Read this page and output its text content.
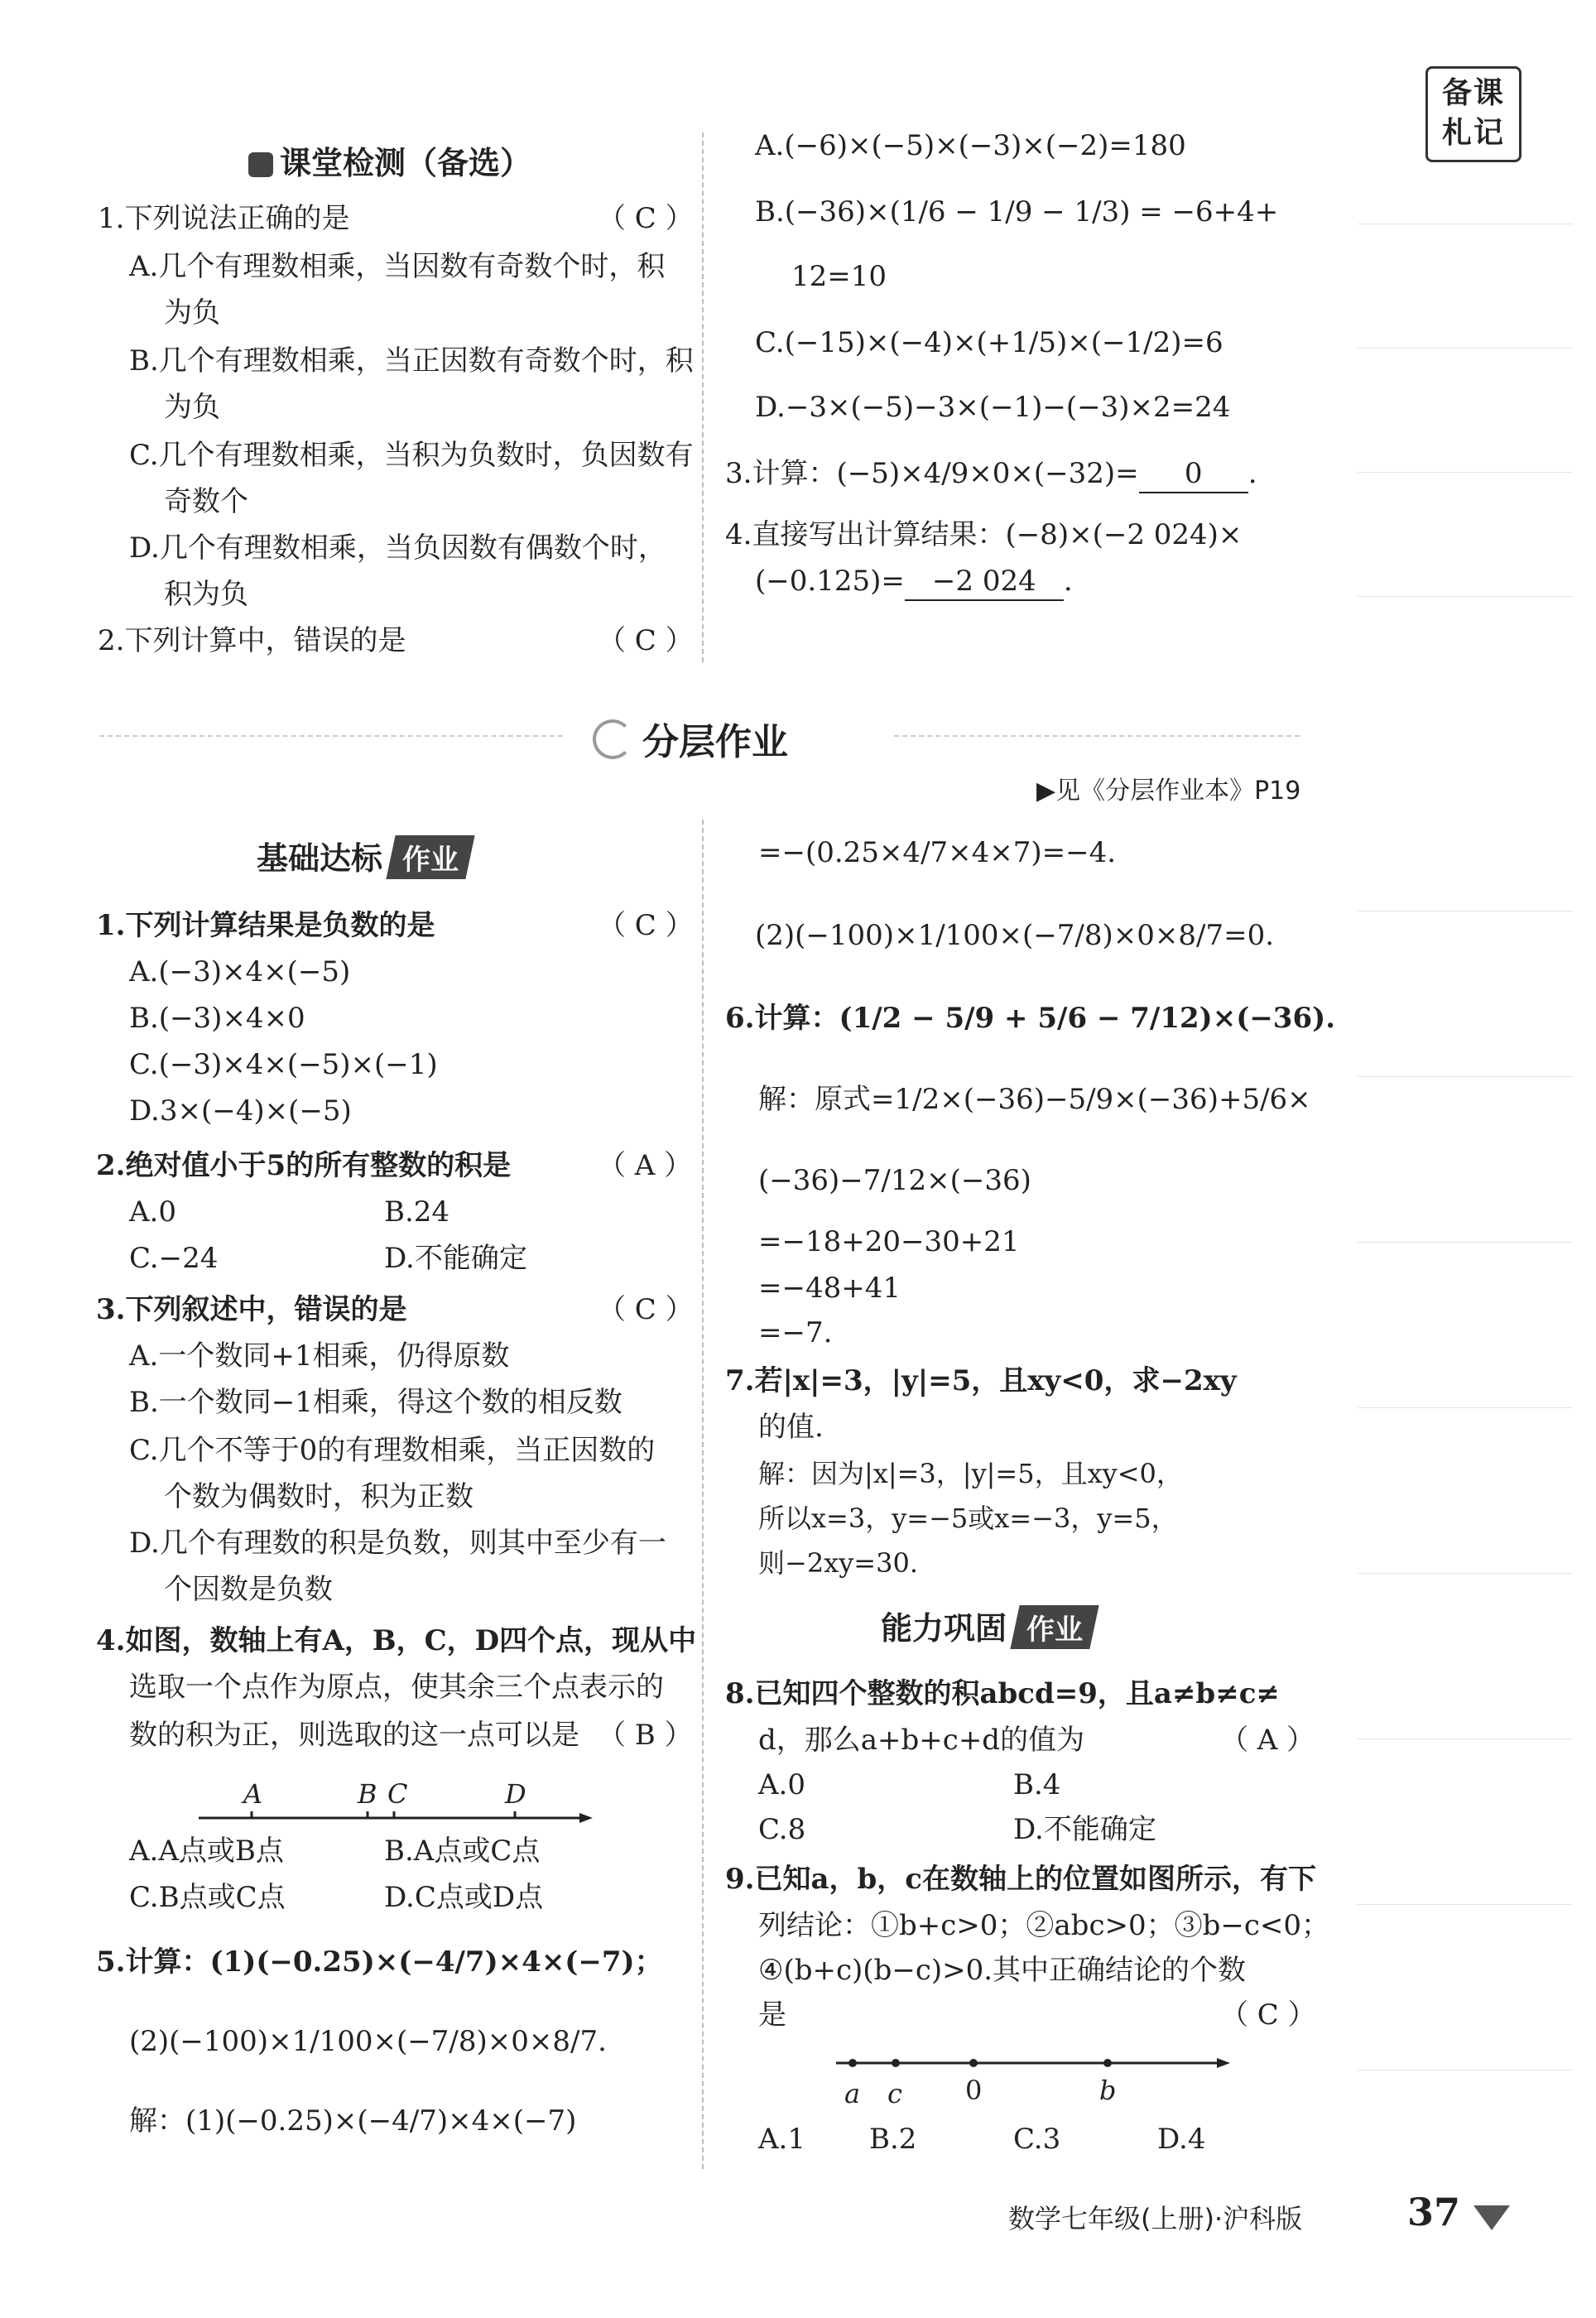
备课札记
课堂检测（备选）
1.下列说法正确的是	（ C ）
A.几个有理数相乘，当因数有奇数个时，积
为负
B.几个有理数相乘，当正因数有奇数个时，积
为负
C.几个有理数相乘，当积为负数时，负因数有
奇数个
D.几个有理数相乘，当负因数有偶数个时，
积为负
2.下列计算中，错误的是	（ C ）
A.(−6)×(−5)×(−3)×(−2)=180
B.(−36)×(1/6 − 1/9 − 1/3) = −6+4+
12=10
C.(−15)×(−4)×(+1/5)×(−1/2)=6
D.−3×(−5)−3×(−1)−(−3)×2=24
3.计算：(−5)×4/9×0×(−32)= 0 .
4.直接写出计算结果：(−8)×(−2 024)×
(−0.125)= −2 024 .
分层作业
▶见《分层作业本》P19
基础达标 作业
1.下列计算结果是负数的是	（ C ）
A.(−3)×4×(−5)
B.(−3)×4×0
C.(−3)×4×(−5)×(−1)
D.3×(−4)×(−5)
2.绝对值小于5的所有整数的积是	（ A ）
A.0	B.24
C.−24	D.不能确定
3.下列叙述中，错误的是	（ C ）
A.一个数同+1相乘，仍得原数
B.一个数同−1相乘，得这个数的相反数
C.几个不等于0的有理数相乘，当正因数的
个数为偶数时，积为正数
D.几个有理数的积是负数，则其中至少有一
个因数是负数
4.如图，数轴上有A，B，C，D四个点，现从中
选取一个点作为原点，使其余三个点表示的
数的积为正，则选取的这一点可以是 （ B ）
A	B C	D
A.A点或B点	B.A点或C点
C.B点或C点	D.C点或D点
5.计算：(1)(−0.25)×(−4/7)×4×(−7)；
(2)(−100)×1/100×(−7/8)×0×8/7.
解：(1)(−0.25)×(−4/7)×4×(−7)
=−(0.25×4/7×4×7)=−4.
(2)(−100)×1/100×(−7/8)×0×8/7=0.
6.计算：(1/2 − 5/9 + 5/6 − 7/12)×(−36).
解：原式=1/2×(−36)−5/9×(−36)+5/6×
(−36)−7/12×(−36)
=−18+20−30+21
=−48+41
=−7.
7.若|x|=3，|y|=5，且xy<0，求−2xy
的值.
解：因为|x|=3，|y|=5，且xy<0，
所以x=3，y=−5或x=−3，y=5，
则−2xy=30.
能力巩固 作业
8.已知四个整数的积abcd=9，且a≠b≠c≠
d，那么a+b+c+d的值为	（ A ）
A.0	B.4
C.8	D.不能确定
9.已知a，b，c在数轴上的位置如图所示，有下
列结论：①b+c>0；②abc>0；③b−c<0；
④(b+c)(b−c)>0.其中正确结论的个数
是	（ C ）
a c 0	b
A.1 B.2	C.3	D.4
数学七年级(上册)·沪科版	37
